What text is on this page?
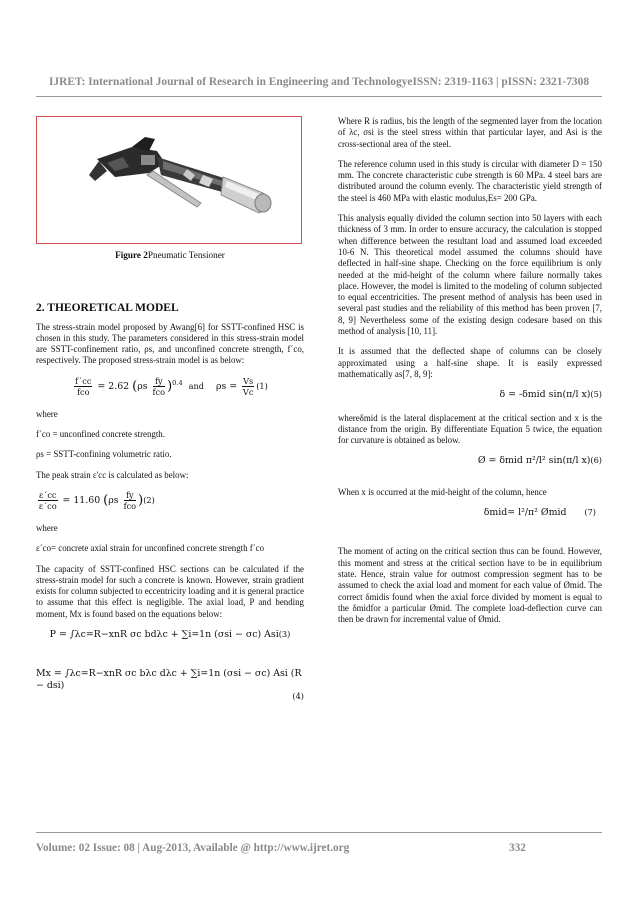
IJRET: International Journal of Research in Engineering and TechnologyeISSN: 2319-1163 | pISSN: 2321-7308
Figure 2Pneumatic Tensioner
2. THEORETICAL MODEL

The stress-strain model proposed by Awang[6] for SSTT-confined HSC is chosen in this study. The parameters considered in this stress-strain model are SSTT-confinement ratio, ρs, and unconfined concrete strength, f´co, respectively. The proposed stress-strain model is as below:

$\frac{f´cc}{\text{fco}} = 2.62$ $(\rho s \frac{fy}{\text{fco}} )^{0.4}$ and $\rho s = \frac{Vs}{Vc} (1)$

where

f´co = unconfined concrete strength.

ρs = SSTT-confining volumetric ratio.

The peak strain ε'cc is calculated as below:

$\frac{\varepsilon´cc}{\varepsilon´co} = 11.60$ $(\rho s \frac{fy}{\text{fco}} )(2)$

where

ε´co= concrete axial strain for unconfined concrete strength f´co

The capacity of SSTT-confined HSC sections can be calculated if the stress-strain model for such a concrete is known. However, strain gradient exists for column subjected to eccentricity loading and it is general practice to assume that this effect is negligible. The axial load, P and bending moment, Mx is found based on the equations below:

P = ∫λc=R−xnR σc bdλc + ∑i=1n (σsi − σc) Asi(3)
Mx = ∫λc=R−xnR σc bλc dλc + ∑i=1n (σsi − σc) Asi (R − dsi)
(4)

Where R is radius, bis the length of the segmented layer from the location of λc, σsi is the steel stress within that particular layer, and Asi is the cross-sectional area of the steel.

The reference column used in this study is circular with diameter D = 150 mm. The concrete characteristic cube strength is 60 MPa. 4 steel bars are distributed around the column evenly. The characteristic yield strength of the steel is 460 MPa with elastic modulus,Es= 200 GPa.

This analysis equally divided the column section into 50 layers with each thickness of 3 mm. In order to ensure accuracy, the calculation is stopped when difference between the resultant load and assumed load exceeded 10-6 N. This theoretical model assumed the columns should have deflected in half-sine shape. Checking on the force equilibrium is only needed at the mid-height of the column where failure normally takes place. However, the model is limited to the modeling of column subjected to equal eccentricities. The present method of analysis has been used in several past studies and the reliability of this method has been proven [7, 8, 9] Nevertheless some of the existing design codesare based on this method of analysis [10, 11].

It is assumed that the deflected shape of columns can be closely approximated using a half-sine shape. It is easily expressed mathematically as[7, 8, 9]:

δ = -δmid sin(π/l x)(5)

whereδmid is the lateral displacement at the critical section and x is the distance from the origin. By differentiate Equation 5 twice, the equation for curvature is obtained as below.

Ø = δmid π²/l² sin(π/l x)(6)

When x is occurred at the mid-height of the column, hence

δmid= l²/π² Ømid (7)

The moment of acting on the critical section thus can be found. However, this moment and stress at the critical section have to be in equilibrium state. Hence, strain value for outmost compression segment has to be assumed to check the axial load and moment for each value of Ømid. The correct δmidis found when the axial force divided by moment is equal to the δmidfor a particular Ømid. The complete load-deflection curve can then be drawn for incremental value of Ømid.

Volume: 02 Issue: 08 | Aug-2013, Available @ http://www.ijret.org	332
